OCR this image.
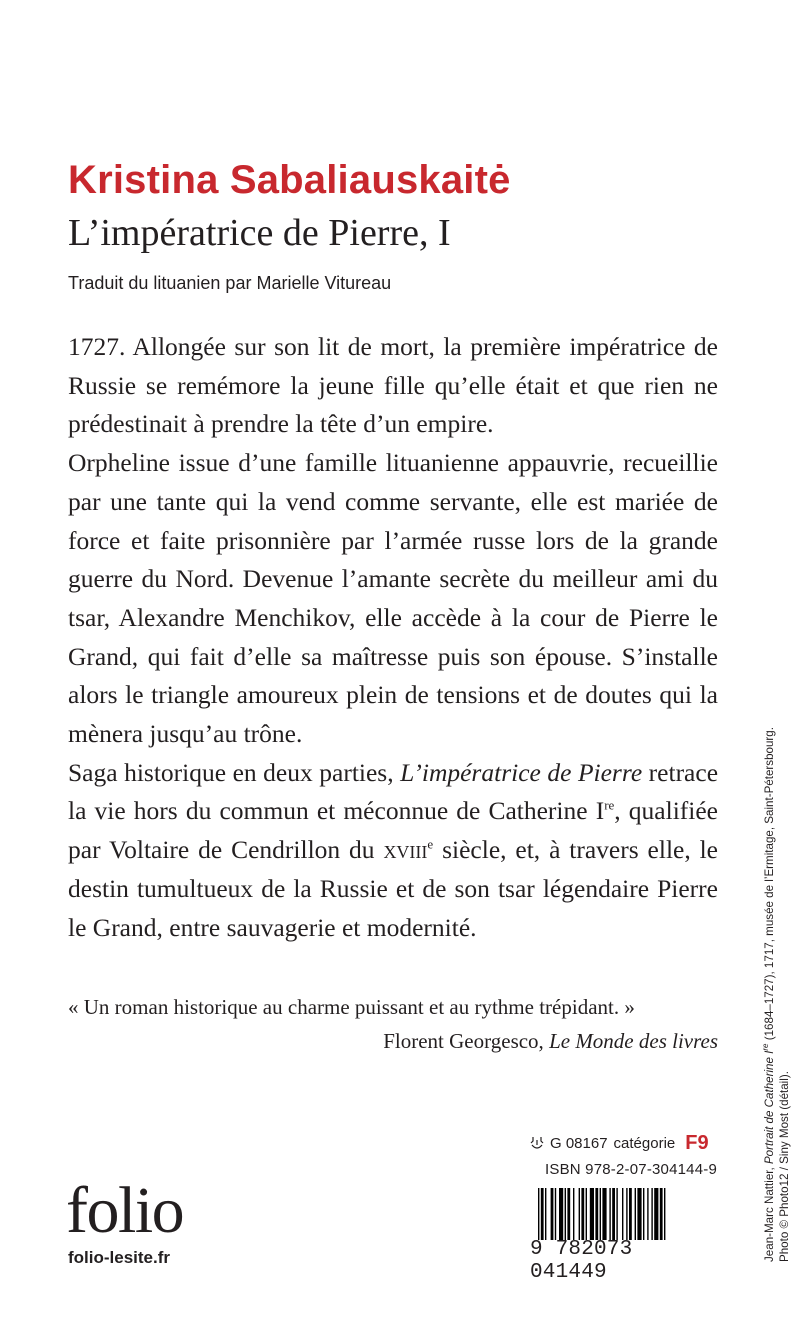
Kristina Sabaliauskaitė
L’impératrice de Pierre, I
Traduit du lituanien par Marielle Vitureau

1727. Allongée sur son lit de mort, la première impératrice de Russie se remémore la jeune fille qu’elle était et que rien ne prédestinait à prendre la tête d’un empire.

Orpheline issue d’une famille lituanienne appauvrie, recueillie par une tante qui la vend comme servante, elle est mariée de force et faite prisonnière par l’armée russe lors de la grande guerre du Nord. Devenue l’amante secrète du meilleur ami du tsar, Alexandre Menchikov, elle accède à la cour de Pierre le Grand, qui fait d’elle sa maîtresse puis son épouse. S’installe alors le triangle amoureux plein de tensions et de doutes qui la mènera jusqu’au trône.

Saga historique en deux parties, L’impératrice de Pierre retrace la vie hors du commun et méconnue de Catherine Ire, qualifiée par Voltaire de Cendrillon du xviii$^e$ siècle, et, à travers elle, le destin tumultueux de la Russie et de son tsar légendaire Pierre le Grand, entre sauvagerie et modernité.

« Un roman historique au charme puissant et au rythme trépidant. »
Florent Georgesco, Le Monde des livres
G 08167 catégorie F9
ISBN 978-2-07-304144-9
9 782073 041449
folio
folio-lesite.fr	Jean-Marc Nattier, Portrait de Catherine Ire (1684–1727), 1717, musée de l’Ermitage, Saint-Pétersbourg.
Photo © Photo12 / Siny Most (détail).
